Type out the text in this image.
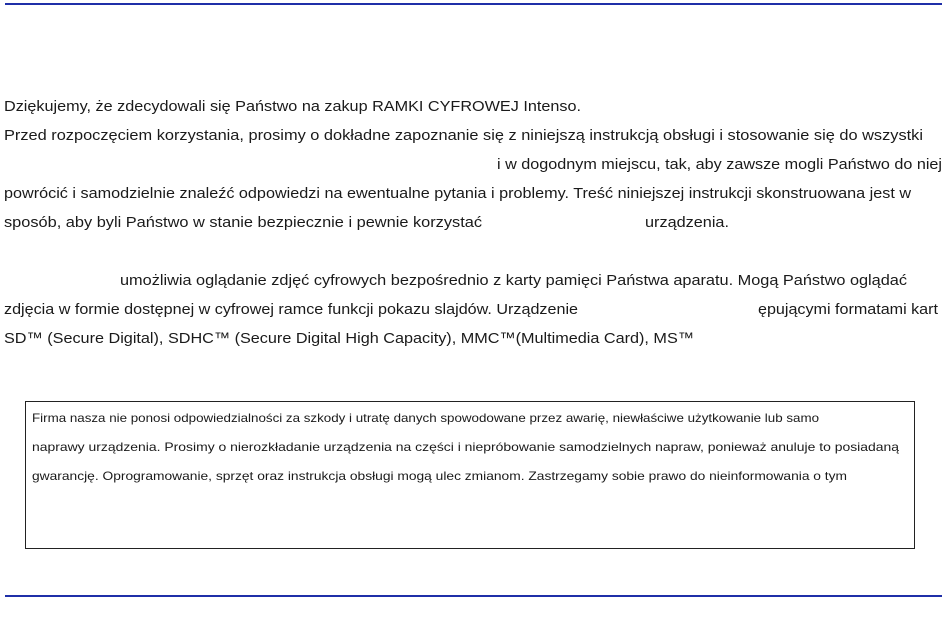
Dziękujemy, że zdecydowali się Państwo na zakup RAMKI CYFROWEJ Intenso.
Przed rozpoczęciem korzystania, prosimy o dokładne zapoznanie się z niniejszą instrukcją obsługi i stosowanie się do wszystki
i w dogodnym miejscu, tak, aby zawsze mogli Państwo do niej
powrócić i samodzielnie znaleźć odpowiedzi na ewentualne pytania i problemy. Treść niniejszej instrukcji skonstruowana jest w
sposób, aby byli Państwo w stanie bezpiecznie i pewnie korzystać	urządzenia.
umożliwia oglądanie zdjęć cyfrowych bezpośrednio z karty pamięci Państwa aparatu. Mogą Państwo oglądać
zdjęcia w formie dostępnej w cyfrowej ramce funkcji pokazu slajdów. Urządzenie	ępującymi formatami kart
SD™ (Secure Digital), SDHC™ (Secure Digital High Capacity), MMC™(Multimedia Card), MS™
Firma nasza nie ponosi odpowiedzialności za szkody i utratę danych spowodowane przez awarię, niewłaściwe użytkowanie lub samo
naprawy urządzenia. Prosimy o nierozkładanie urządzenia na części i niepróbowanie samodzielnych napraw, ponieważ anuluje to posiadaną
gwarancję. Oprogramowanie, sprzęt oraz instrukcja obsługi mogą ulec zmianom. Zastrzegamy sobie prawo do nieinformowania o tym
